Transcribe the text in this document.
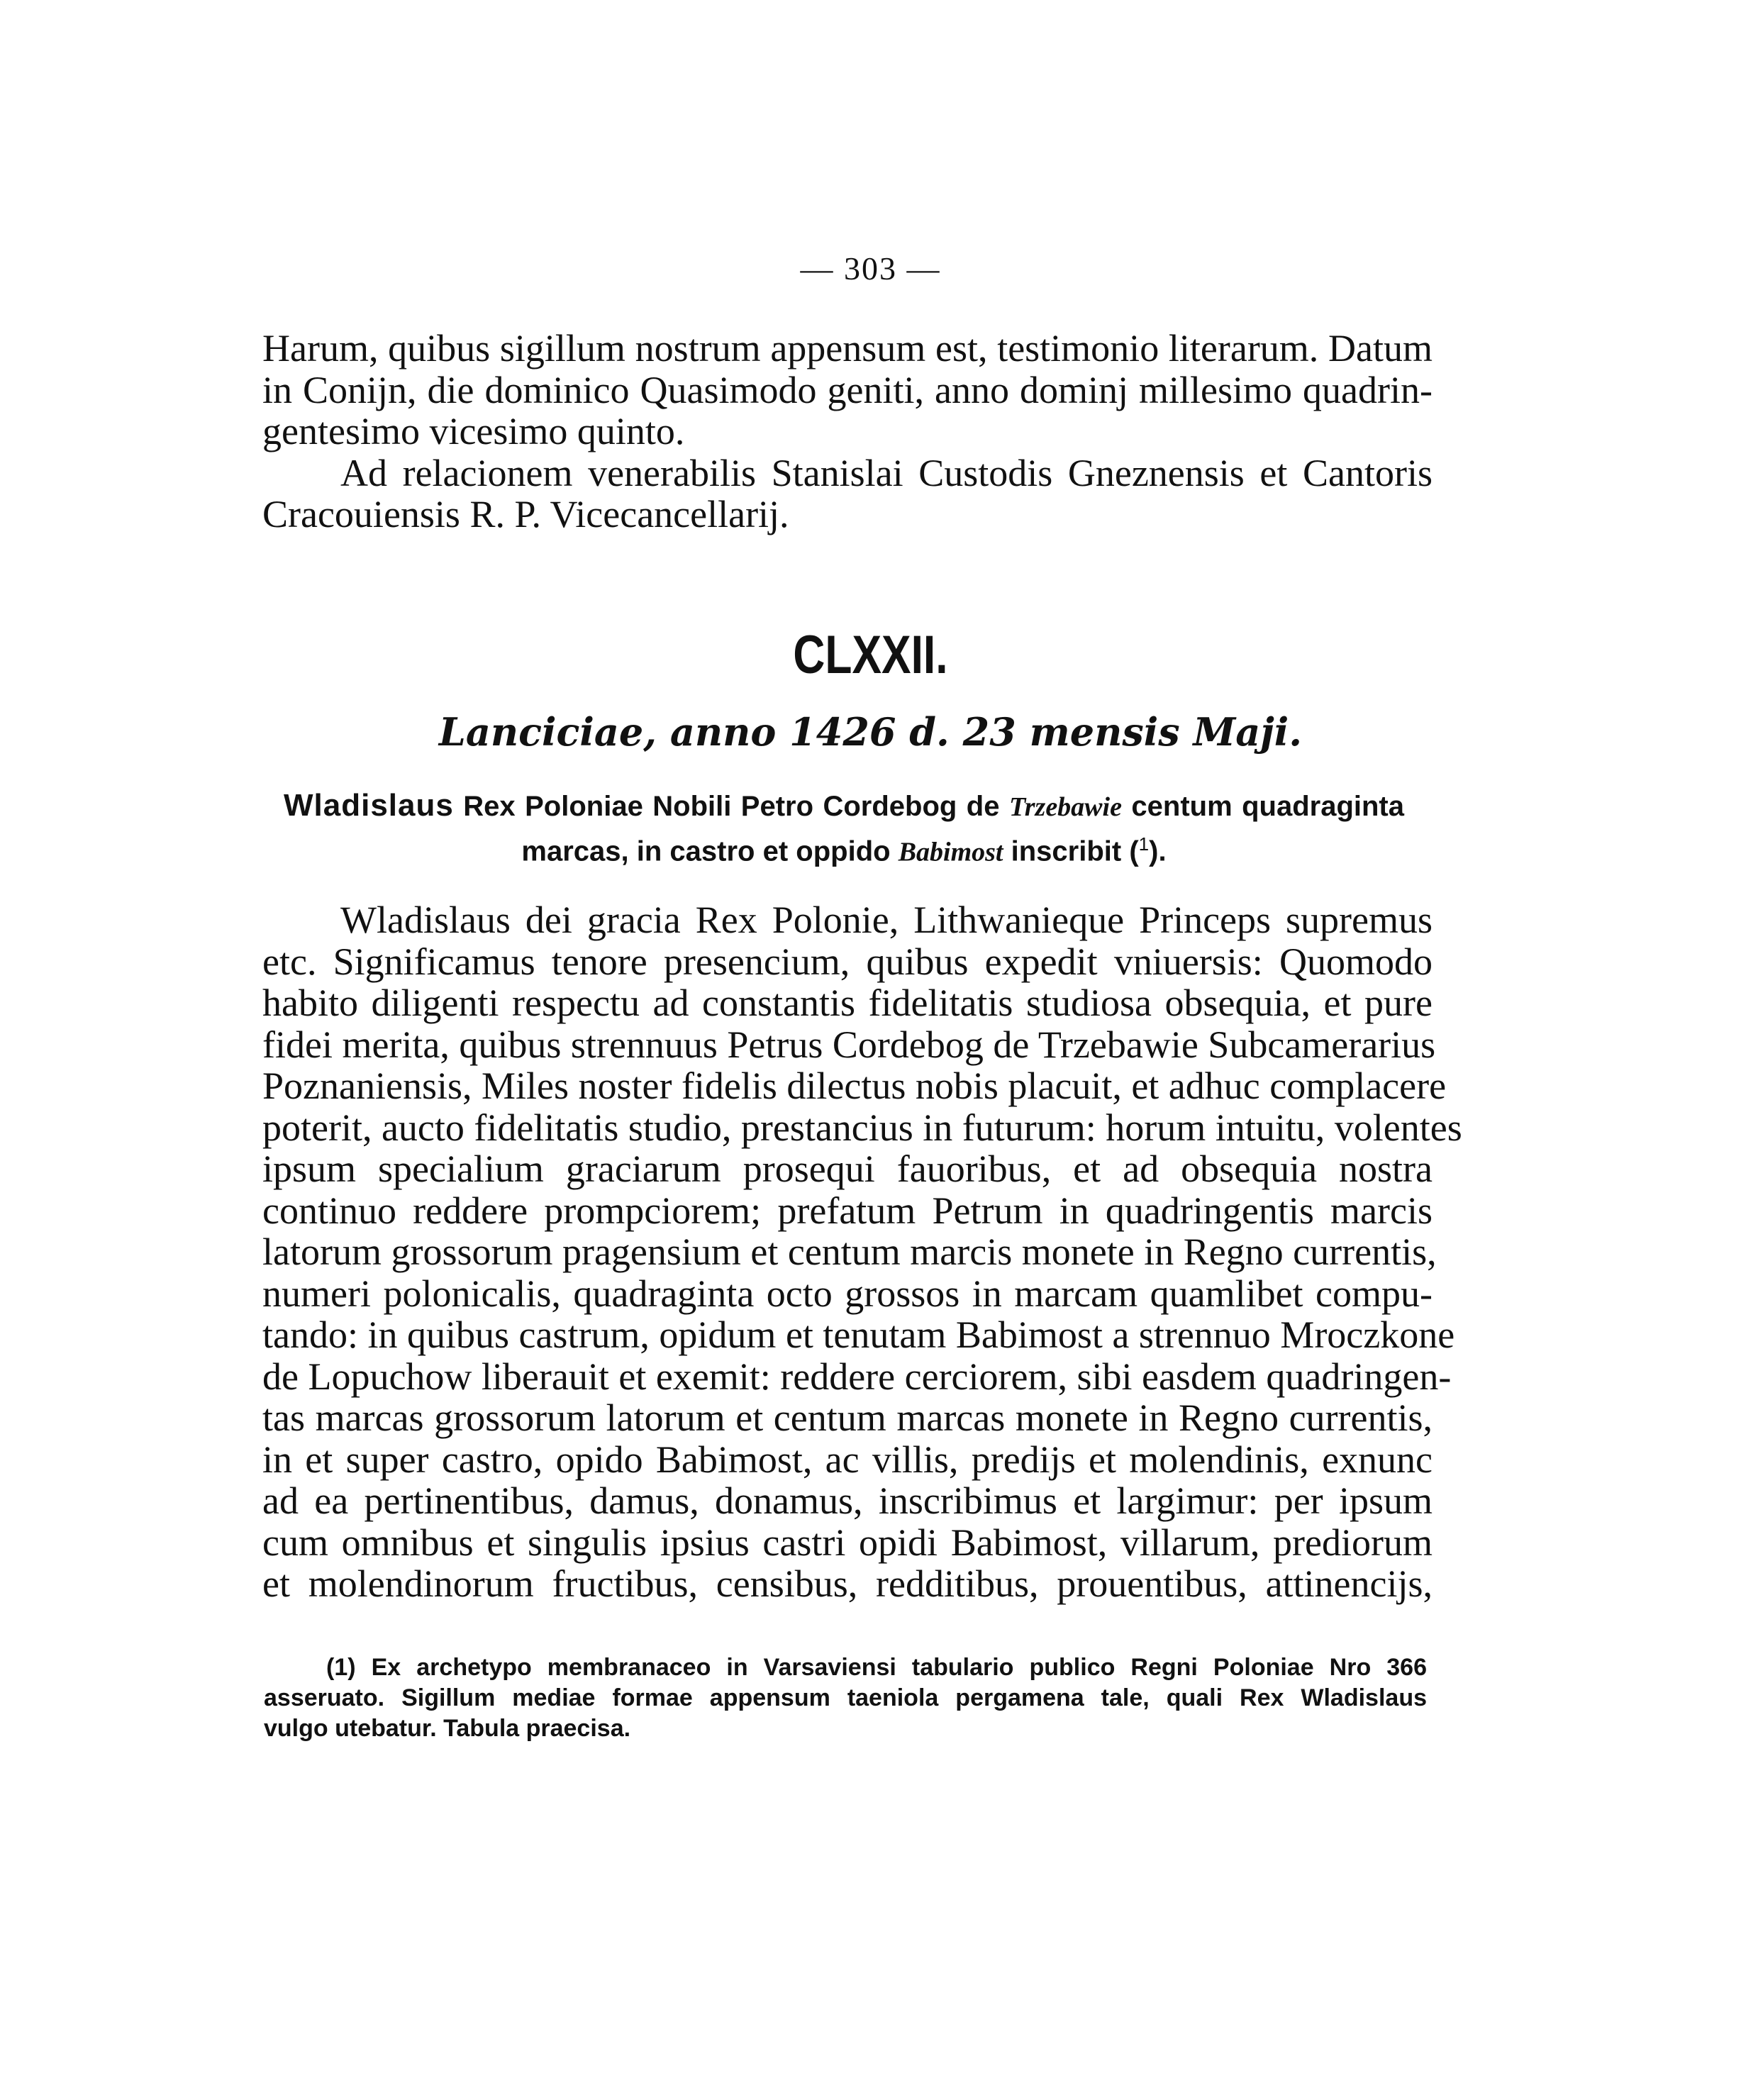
— 303 —
Harum, quibus sigillum nostrum appensum est, testimonio literarum. Datum
in Conijn, die dominico Quasimodo geniti, anno dominj millesimo quadrin-
gentesimo vicesimo quinto.
Ad relacionem venerabilis Stanislai Custodis Gneznensis et Cantoris
Cracouiensis R. P. Vicecancellarij.
CLXXII.
Lanciciae, anno 1426 d. 23 mensis Maji.
Wladislaus Rex Poloniae Nobili Petro Cordebog de Trzebawie centum quadraginta
marcas, in castro et oppido Babimost inscribit ($^1$).
Wladislaus dei gracia Rex Polonie, Lithwanieque Princeps supremus
etc. Significamus tenore presencium, quibus expedit vniuersis: Quomodo
habito diligenti respectu ad constantis fidelitatis studiosa obsequia, et pure
fidei merita, quibus strennuus Petrus Cordebog de Trzebawie Subcamerarius
Poznaniensis, Miles noster fidelis dilectus nobis placuit, et adhuc complacere
poterit, aucto fidelitatis studio, prestancius in futurum: horum intuitu, volentes
ipsum specialium graciarum prosequi fauoribus, et ad obsequia nostra
continuo reddere prompciorem; prefatum Petrum in quadringentis marcis
latorum grossorum pragensium et centum marcis monete in Regno currentis,
numeri polonicalis, quadraginta octo grossos in marcam quamlibet compu-
tando: in quibus castrum, opidum et tenutam Babimost a strennuo Mroczkone
de Lopuchow liberauit et exemit: reddere cerciorem, sibi easdem quadringen-
tas marcas grossorum latorum et centum marcas monete in Regno currentis,
in et super castro, opido Babimost, ac villis, predijs et molendinis, exnunc
ad ea pertinentibus, damus, donamus, inscribimus et largimur: per ipsum
cum omnibus et singulis ipsius castri opidi Babimost, villarum, prediorum
et molendinorum fructibus, censibus, redditibus, prouentibus, attinencijs,
(1) Ex archetypo membranaceo in Varsaviensi tabulario publico Regni Poloniae Nro 366
asseruato. Sigillum mediae formae appensum taeniola pergamena tale, quali Rex Wladislaus
vulgo utebatur. Tabula praecisa.
